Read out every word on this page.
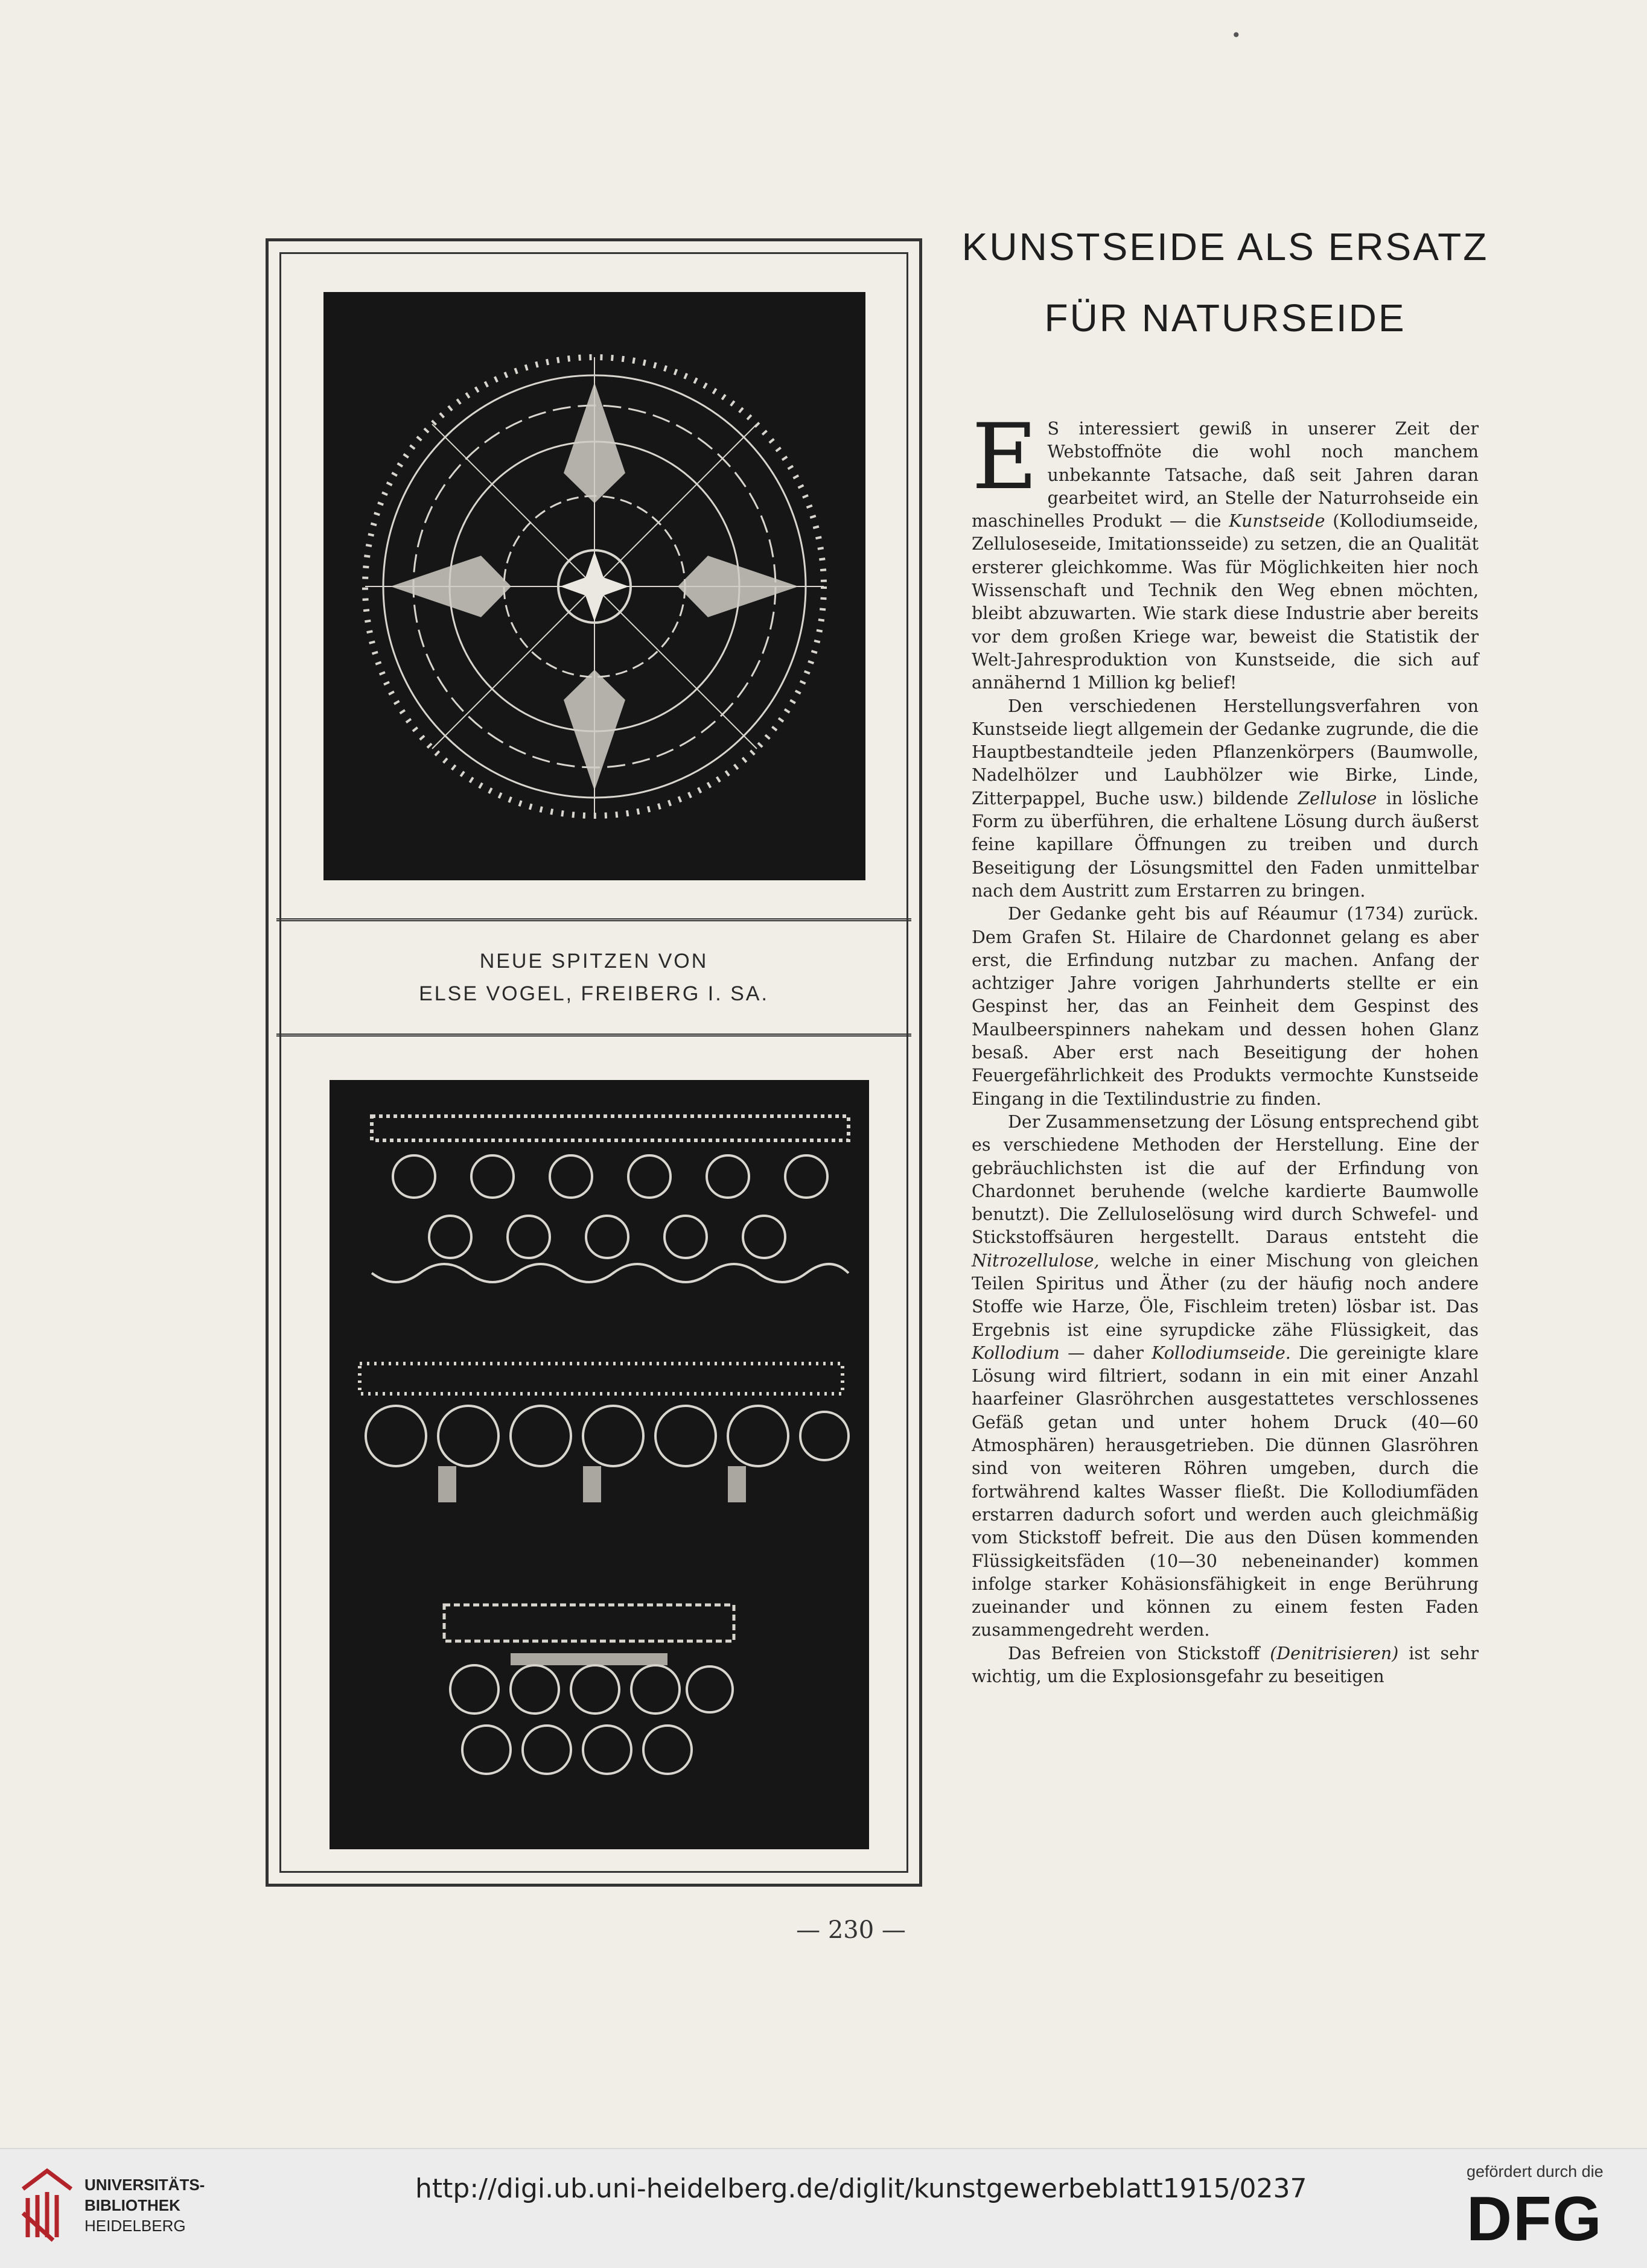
•
NEUE SPITZEN VON
ELSE VOGEL, FREIBERG I. SA.
KUNSTSEIDE ALS ERSATZ
FÜR NATURSEIDE

E S interessiert gewiß in unserer Zeit der Webstoffnöte die wohl noch manchem unbekannte Tatsache, daß seit Jahren daran gearbeitet wird, an Stelle der Naturrohseide ein maschinelles Produkt — die Kunstseide (Kollodiumseide, Zelluloseseide, Imitationsseide) zu setzen, die an Qualität ersterer gleichkomme. Was für Möglichkeiten hier noch Wissenschaft und Technik den Weg ebnen möchten, bleibt abzuwarten. Wie stark diese Industrie aber bereits vor dem großen Kriege war, beweist die Statistik der Welt-Jahresproduktion von Kunstseide, die sich auf annähernd 1 Million kg belief!

Den verschiedenen Herstellungsverfahren von Kunstseide liegt allgemein der Gedanke zugrunde, die die Hauptbestandteile jeden Pflanzenkörpers (Baumwolle, Nadelhölzer und Laubhölzer wie Birke, Linde, Zitterpappel, Buche usw.) bildende Zellulose in lösliche Form zu überführen, die erhaltene Lösung durch äußerst feine kapillare Öffnungen zu treiben und durch Beseitigung der Lösungsmittel den Faden unmittelbar nach dem Austritt zum Erstarren zu bringen.

Der Gedanke geht bis auf Réaumur (1734) zurück. Dem Grafen St. Hilaire de Chardonnet gelang es aber erst, die Erfindung nutzbar zu machen. Anfang der achtziger Jahre vorigen Jahrhunderts stellte er ein Gespinst her, das an Feinheit dem Gespinst des Maulbeerspinners nahekam und dessen hohen Glanz besaß. Aber erst nach Beseitigung der hohen Feuergefährlichkeit des Produkts vermochte Kunstseide Eingang in die Textilindustrie zu finden.

Der Zusammensetzung der Lösung entsprechend gibt es verschiedene Methoden der Herstellung. Eine der gebräuchlichsten ist die auf der Erfindung von Chardonnet beruhende (welche kardierte Baumwolle benutzt). Die Zelluloselösung wird durch Schwefel- und Stickstoffsäuren hergestellt. Daraus entsteht die Nitrozellulose, welche in einer Mischung von gleichen Teilen Spiritus und Äther (zu der häufig noch andere Stoffe wie Harze, Öle, Fischleim treten) lösbar ist. Das Ergebnis ist eine syrupdicke zähe Flüssigkeit, das Kollodium — daher Kollodiumseide. Die gereinigte klare Lösung wird filtriert, sodann in ein mit einer Anzahl haarfeiner Glasröhrchen ausgestattetes verschlossenes Gefäß getan und unter hohem Druck (40—60 Atmosphären) herausgetrieben. Die dünnen Glasröhren sind von weiteren Röhren umgeben, durch die fortwährend kaltes Wasser fließt. Die Kollodiumfäden erstarren dadurch sofort und werden auch gleichmäßig vom Stickstoff befreit. Die aus den Düsen kommenden Flüssigkeitsfäden (10—30 nebeneinander) kommen infolge starker Kohäsionsfähigkeit in enge Berührung zueinander und können zu einem festen Faden zusammengedreht werden.

Das Befreien von Stickstoff (Denitrisieren) ist sehr wichtig, um die Explosionsgefahr zu beseitigen

— 230 —
UNIVERSITÄTS-
BIBLIOTHEK
HEIDELBERG
http://digi.ub.uni-heidelberg.de/diglit/kunstgewerbeblatt1915/0237
gefördert durch die
DFG
